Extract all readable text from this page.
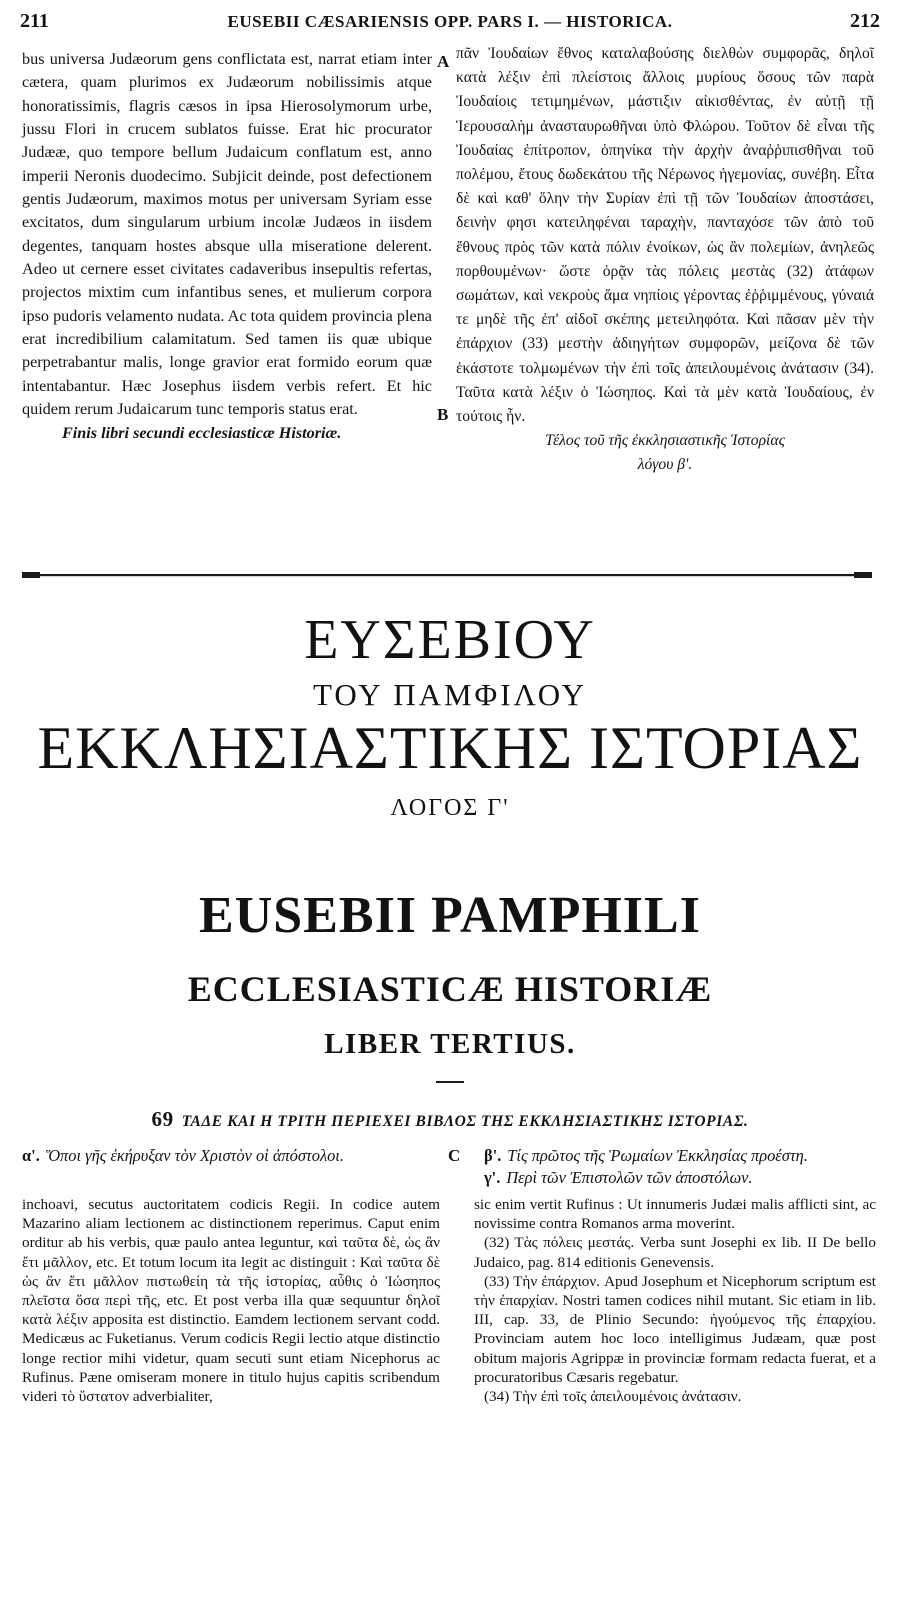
211	EUSEBII CÆSARIENSIS OPP. PARS I. — HISTORICA.	212

bus universa Judæorum gens conflictata est, narrat etiam inter cætera, quam plurimos ex Judæorum nobilissimis atque honoratissimis, flagris cæsos in ipsa Hierosolymorum urbe, jussu Flori in crucem sublatos fuisse. Erat hic procurator Judææ, quo tempore bellum Judaicum conflatum est, anno imperii Neronis duodecimo. Subjicit deinde, post defectionem gentis Judæorum, maximos motus per universam Syriam esse excitatos, dum singularum urbium incolæ Judæos in iisdem degentes, tanquam hostes absque ulla miseratione delerent. Adeo ut cernere esset civitates cadaveribus insepultis refertas, projectos mixtim cum infantibus senes, et mulierum corpora ipso pudoris velamento nudata. Ac tota quidem provincia plena erat incredibilium calamitatum. Sed tamen iis quæ ubique perpetrabantur malis, longe gravior erat formido eorum quæ intentabantur. Hæc Josephus iisdem verbis refert. Et hic quidem rerum Judaicarum tunc temporis status erat.

Finis libri secundi ecclesiasticæ Historiæ.

A
B

πᾶν Ἰουδαίων ἔθνος καταλαβούσης διελθὼν συμφορᾶς, δηλοῖ κατὰ λέξιν ἐπὶ πλείστοις ἄλλοις μυρίους ὅσους τῶν παρὰ Ἰουδαίοις τετιμημένων, μάστιξιν αἰκισθέντας, ἐν αὐτῇ τῇ Ἱερουσαλὴμ ἀνασταυρωθῆναι ὑπὸ Φλώρου. Τοῦτον δὲ εἶναι τῆς Ἰουδαίας ἐπίτροπον, ὁπηνίκα τὴν ἀρχὴν ἀναῤῥιπισθῆναι τοῦ πολέμου, ἔτους δωδεκάτου τῆς Νέρωνος ἡγεμονίας, συνέβη. Εἶτα δὲ καὶ καθ' ὅλην τὴν Συρίαν ἐπὶ τῇ τῶν Ἰουδαίων ἀποστάσει, δεινὴν φησι κατειληφέναι ταραχὴν, πανταχόσε τῶν ἀπὸ τοῦ ἔθνους πρὸς τῶν κατὰ πόλιν ἐνοίκων, ὡς ἂν πολεμίων, ἀνηλεῶς πορθουμένων· ὥστε ὁρᾷν τὰς πόλεις μεστὰς (32) ἀτάφων σωμάτων, καὶ νεκροὺς ἅμα νηπίοις γέροντας ἐῤῥιμμένους, γύναιά τε μηδὲ τῆς ἐπ' αἰδοῖ σκέπης μετειληφότα. Καὶ πᾶσαν μὲν τὴν ἐπάρχιον (33) μεστὴν ἀδιηγήτων συμφορῶν, μείζονα δὲ τῶν ἑκάστοτε τολμωμένων τὴν ἐπὶ τοῖς ἀπειλουμένοις ἀνάτασιν (34). Ταῦτα κατὰ λέξιν ὁ Ἰώσηπος. Καὶ τὰ μὲν κατὰ Ἰουδαίους, ἐν τούτοις ἦν.

Τέλος τοῦ τῆς ἐκκλησιαστικῆς Ἱστορίας

λόγου β'.

ΕΥΣΕΒΙΟΥ
ΤΟΥ ΠΑΜΦΙΛΟΥ
ΕΚΚΛΗΣΙΑΣΤΙΚΗΣ ΙΣΤΟΡΙΑΣ
ΛΟΓΟΣ Γ'
EUSEBII PAMPHILI
ECCLESIASTICÆ HISTORIÆ
LIBER TERTIUS.
69 ΤΑΔΕ ΚΑΙ Η ΤΡΙΤΗ ΠΕΡΙΕΧΕΙ ΒΙΒΛΟΣ ΤΗΣ ΕΚΚΛΗΣΙΑΣΤΙΚΗΣ ΙΣΤΟΡΙΑΣ.

α'. Ὅποι γῆς ἐκήρυξαν τὸν Χριστὸν οἱ ἀπόστολοι.	C β'. Τίς πρῶτος τῆς Ῥωμαίων Ἐκκλησίας προέστη.

γ'. Περὶ τῶν Ἐπιστολῶν τῶν ἀποστόλων.

inchoavi, secutus auctoritatem codicis Regii. In codice autem Mazarino aliam lectionem ac distinctionem reperimus. Caput enim orditur ab his verbis, quæ paulo antea leguntur, καὶ ταῦτα δὲ, ὡς ἂν ἔτι μᾶλλον, etc. Et totum locum ita legit ac distinguit : Καὶ ταῦτα δὲ ὡς ἂν ἔτι μᾶλλον πιστωθείη τὰ τῆς ἱστορίας, αὖθις ὁ Ἰώσηπος πλεῖστα ὅσα περὶ τῆς, etc. Et post verba illa quæ sequuntur δηλοῖ κατὰ λέξιν apposita est distinctio. Eamdem lectionem servant codd. Medicæus ac Fuketianus. Verum codicis Regii lectio atque distinctio longe rectior mihi videtur, quam secuti sunt etiam Nicephorus ac Rufinus. Pæne omiseram monere in titulo hujus capitis scribendum videri τὸ ὕστατον adverbialiter,

sic enim vertit Rufinus : Ut innumeris Judæi malis afflicti sint, ac novissime contra Romanos arma moverint.

(32) Τὰς πόλεις μεστάς. Verba sunt Josephi ex lib. II De bello Judaico, pag. 814 editionis Genevensis.

(33) Τὴν ἐπάρχιον. Apud Josephum et Nicephorum scriptum est τὴν ἐπαρχίαν. Nostri tamen codices nihil mutant. Sic etiam in lib. III, cap. 33, de Plinio Secundo: ἡγούμενος τῆς ἐπαρχίου. Provinciam autem hoc loco intelligimus Judæam, quæ post obitum majoris Agrippæ in provinciæ formam redacta fuerat, et a procuratoribus Cæsaris regebatur.

(34) Τὴν ἐπὶ τοῖς ἀπειλουμένοις ἀνάτασιν.
